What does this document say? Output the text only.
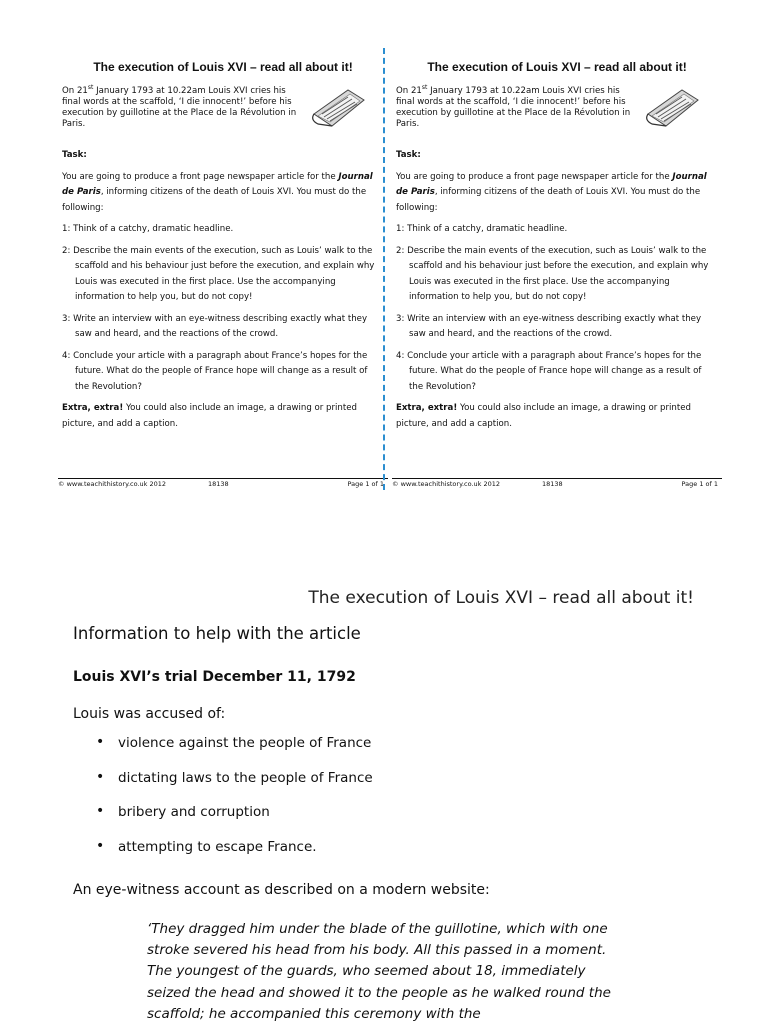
The execution of Louis XVI – read all about it!

On 21st January 1793 at 10.22am Louis XVI cries his final words at the scaffold, ‘I die innocent!’ before his execution by guillotine at the Place de la Révolution in Paris.

Task:

You are going to produce a front page newspaper article for the Journal de Paris, informing citizens of the death of Louis XVI. You must do the following:

1: Think of a catchy, dramatic headline.

2: Describe the main events of the execution, such as Louis’ walk to the scaffold and his behaviour just before the execution, and explain why Louis was executed in the first place. Use the accompanying information to help you, but do not copy!

3: Write an interview with an eye-witness describing exactly what they saw and heard, and the reactions of the crowd.

4: Conclude your article with a paragraph about France’s hopes for the future. What do the people of France hope will change as a result of the Revolution?

Extra, extra! You could also include an image, a drawing or printed picture, and add a caption.

© www.teachithistory.co.uk 2012	18138	Page 1 of 1
The execution of Louis XVI – read all about it!

On 21st January 1793 at 10.22am Louis XVI cries his final words at the scaffold, ‘I die innocent!’ before his execution by guillotine at the Place de la Révolution in Paris.

Task:

You are going to produce a front page newspaper article for the Journal de Paris, informing citizens of the death of Louis XVI. You must do the following:

1: Think of a catchy, dramatic headline.

2: Describe the main events of the execution, such as Louis’ walk to the scaffold and his behaviour just before the execution, and explain why Louis was executed in the first place. Use the accompanying information to help you, but do not copy!

3: Write an interview with an eye-witness describing exactly what they saw and heard, and the reactions of the crowd.

4: Conclude your article with a paragraph about France’s hopes for the future. What do the people of France hope will change as a result of the Revolution?

Extra, extra! You could also include an image, a drawing or printed picture, and add a caption.

© www.teachithistory.co.uk 2012	18138	Page 1 of 1
The execution of Louis XVI – read all about it!
Information to help with the article
Louis XVI’s trial December 11, 1792

Louis was accused of:

• violence against the people of France
• dictating laws to the people of France
• bribery and corruption
• attempting to escape France.

An eye-witness account as described on a modern website:

‘They dragged him under the blade of the guillotine, which with one stroke severed his head from his body. All this passed in a moment. The youngest of the guards, who seemed about 18, immediately seized the head and showed it to the people as he walked round the scaffold; he accompanied this ceremony with the
